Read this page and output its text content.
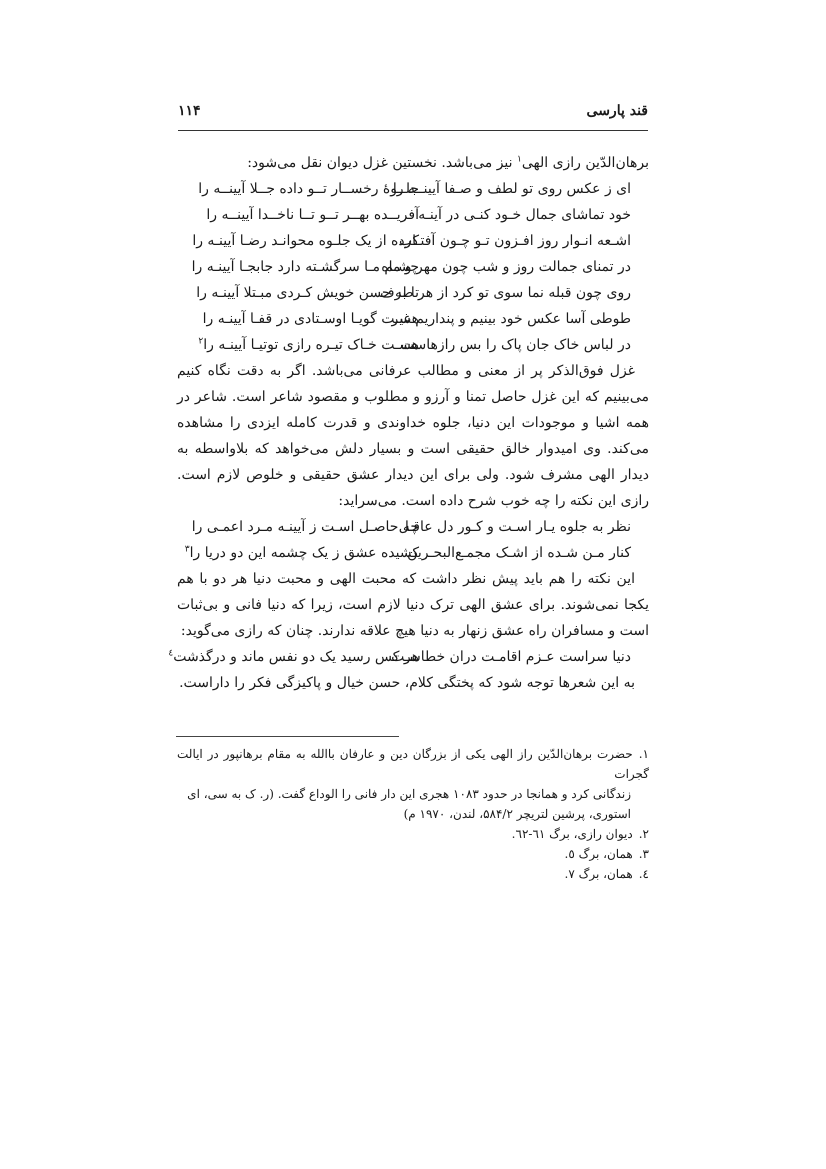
قند پارسی
۱۱۴

برهان‌الدّین رازی الهی$^۱$ نیز می‌باشد. نخستین غزل دیوان نقل می‌شود:

ای ز عکس روی تو لطف و صـفا آیینــه را
جلــوهٔ رخســار تــو داده جــلا آیینــه را
خود تماشای جمال خـود کنـی در آینـه
آفریــده بهــر تــو تــا ناخــدا آیینــه را
اشـعه انـوار روز افـزون تـو چـون آفتـاب
کرده از یک جلـوه محوانـد رضـا آیینـه را
در تمنای جمالت روز و شب چون مهر و ماه
چشـم مـا سرگشـته دارد جابجـا آیینـه را
روی چون قبله نما سوی تو کرد از هر طرف
تا به حسن خویش کـردی مبـتلا آیینـه را
طوطی آسا عکس خود بینیم و پنداریم غیر
هسـت گویـا اوسـتادی در قفـا آیینـه را
در لباس خاک جان پاک را بس رازهاست
هسـت خـاک تیـره رازی توتیـا آیینـه را$^۲$

غزل فوق‌الذکر پر از معنی و مطالب عرفانی می‌باشد. اگر به دقت نگاه کنیم می‌بینیم که این غزل حاصل تمنا و آرزو و مطلوب و مقصود شاعر است. شاعر در همه اشیا و موجودات این دنیا، جلوه خداوندی و قدرت کامله ایزدی را مشاهده می‌کند. وی امیدوار خالق حقیقی است و بسیار دلش می‌خواهد که بلاواسطه به دیدار الهی مشرف شود. ولی برای این دیدار عشق حقیقی و خلوص لازم است. رازی این نکته را چه خوب شرح داده است. می‌سراید:

نظر به جلوه یـار اسـت و کـور دل عاقـل
چه حاصـل اسـت ز آیینـه مـرد اعمـی را
کنار مـن شـده از اشـک مجمـع‌البحـرین
کشیده عشق ز یک چشمه این دو دریا را$^۳$

این نکته را هم باید پیش نظر داشت که محبت الهی و محبت دنیا هر دو با هم یکجا نمی‌شوند. برای عشق الهی ترک دنیا لازم است، زیرا که دنیا فانی و بی‌ثبات است و مسافران راه عشق زنهار به دنیا هیچ علاقه ندارند. چنان که رازی می‌گوید:

دنیا سراست عـزم اقامـت دران خطاسـت
هر کس رسید یک دو نفس ماند و درگذشت$^٤$

به این شعرها توجه شود که پختگی کلام، حسن خیال و پاکیزگی فکر را داراست.

۱.حضرت برهان‌الدّین راز الهی یکی از بزرگان دین و عارفان باالله به مقام برهانپور در ایالت گجرات

زندگانی کرد و همانجا در حدود ۱۰۸۳ هجری این دار فانی را الوداع گفت. (ر. ک به سی، ای

استوری، پرشین لتریچر ۵۸۴/۲، لندن، ۱۹۷۰ م)

۲.دیوان رازی، برگ ٦۱-٦۲.

۳.همان، برگ ٥.

٤.همان، برگ ٧.
